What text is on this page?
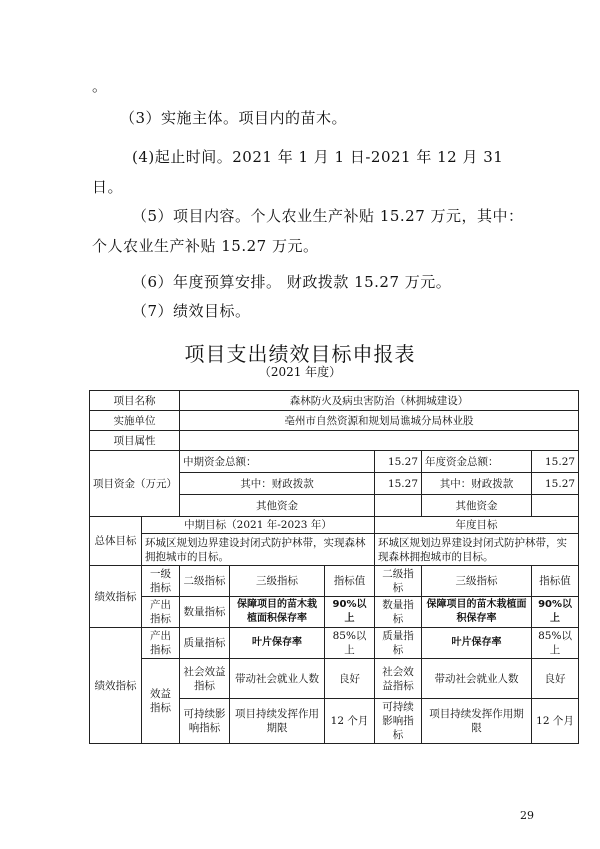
。
（3）实施主体。项目内的苗木。
(4)起止时间。2021 年 1 月 1 日-2021 年 12 月 31
日。
（5）项目内容。个人农业生产补贴 15.27 万元，其中：
个人农业生产补贴 15.27 万元。
（6）年度预算安排。 财政拨款 15.27 万元。
（7）绩效目标。
项目支出绩效目标申报表
（2021 年度）
项目名称		森林防火及病虫害防治（林拥城建设）					
实施单位		亳州市自然资源和规划局谯城分局林业股					
项目属性							
项目资金（万元）		中期资金总额：			15.27	年度资金总额：	15.27
		其中：财政拨款			15.27	其中：财政拨款	15.27
		其他资金				其他资金	
总体目标	中期目标（2021 年-2023 年）				年度目标		
	环城区规划边界建设封闭式防护林带，实现森林拥抱城市的目标。				环城区规划边界建设封闭式防护林带，实现森林拥抱城市的目标。		
绩效指标	一级指标	二级指标	三级指标	指标值	二级指标	三级指标	指标值
	产出指标	数量指标	保障项目的苗木栽植面积保存率	90%以上	数量指标	保障项目的苗木栽植面积保存率	90%以上
绩效指标	产出指标	质量指标	叶片保存率	85%以上	质量指标	叶片保存率	85%以上
	效益指标	社会效益指标	带动社会就业人数	良好	社会效益指标	带动社会就业人数	良好
		可持续影响指标	项目持续发挥作用期限	12 个月	可持续影响指标	项目持续发挥作用期限	12 个月
29
